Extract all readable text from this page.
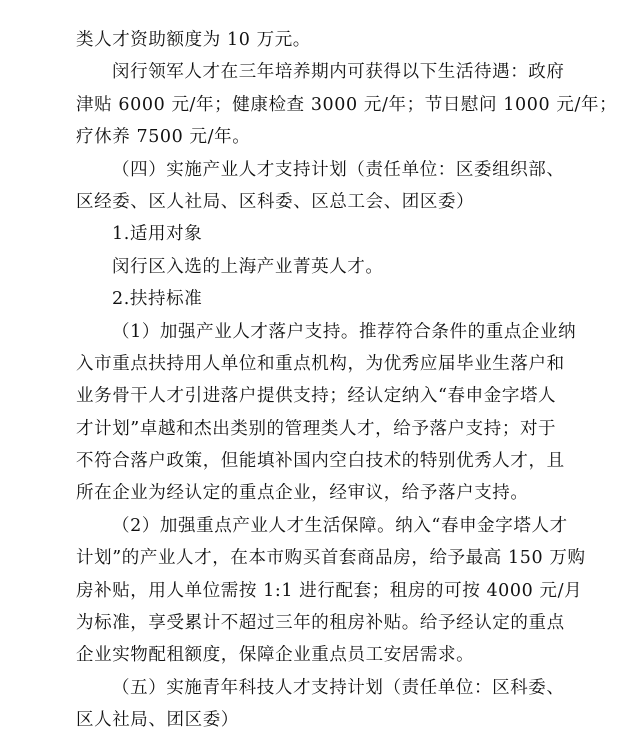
类人才资助额度为 10 万元。
闵行领军人才在三年培养期内可获得以下生活待遇：政府
津贴 6000 元/年；健康检查 3000 元/年；节日慰问 1000 元/年；
疗休养 7500 元/年。
（四）实施产业人才支持计划（责任单位：区委组织部、
区经委、区人社局、区科委、区总工会、团区委）
1.适用对象
闵行区入选的上海产业菁英人才。
2.扶持标准
（1）加强产业人才落户支持。推荐符合条件的重点企业纳
入市重点扶持用人单位和重点机构，为优秀应届毕业生落户和
业务骨干人才引进落户提供支持；经认定纳入“春申金字塔人
才计划”卓越和杰出类别的管理类人才，给予落户支持；对于
不符合落户政策，但能填补国内空白技术的特别优秀人才，且
所在企业为经认定的重点企业，经审议，给予落户支持。
（2）加强重点产业人才生活保障。纳入“春申金字塔人才
计划”的产业人才，在本市购买首套商品房，给予最高 150 万购
房补贴，用人单位需按 1:1 进行配套；租房的可按 4000 元/月
为标准，享受累计不超过三年的租房补贴。给予经认定的重点
企业实物配租额度，保障企业重点员工安居需求。
（五）实施青年科技人才支持计划（责任单位：区科委、
区人社局、团区委）
